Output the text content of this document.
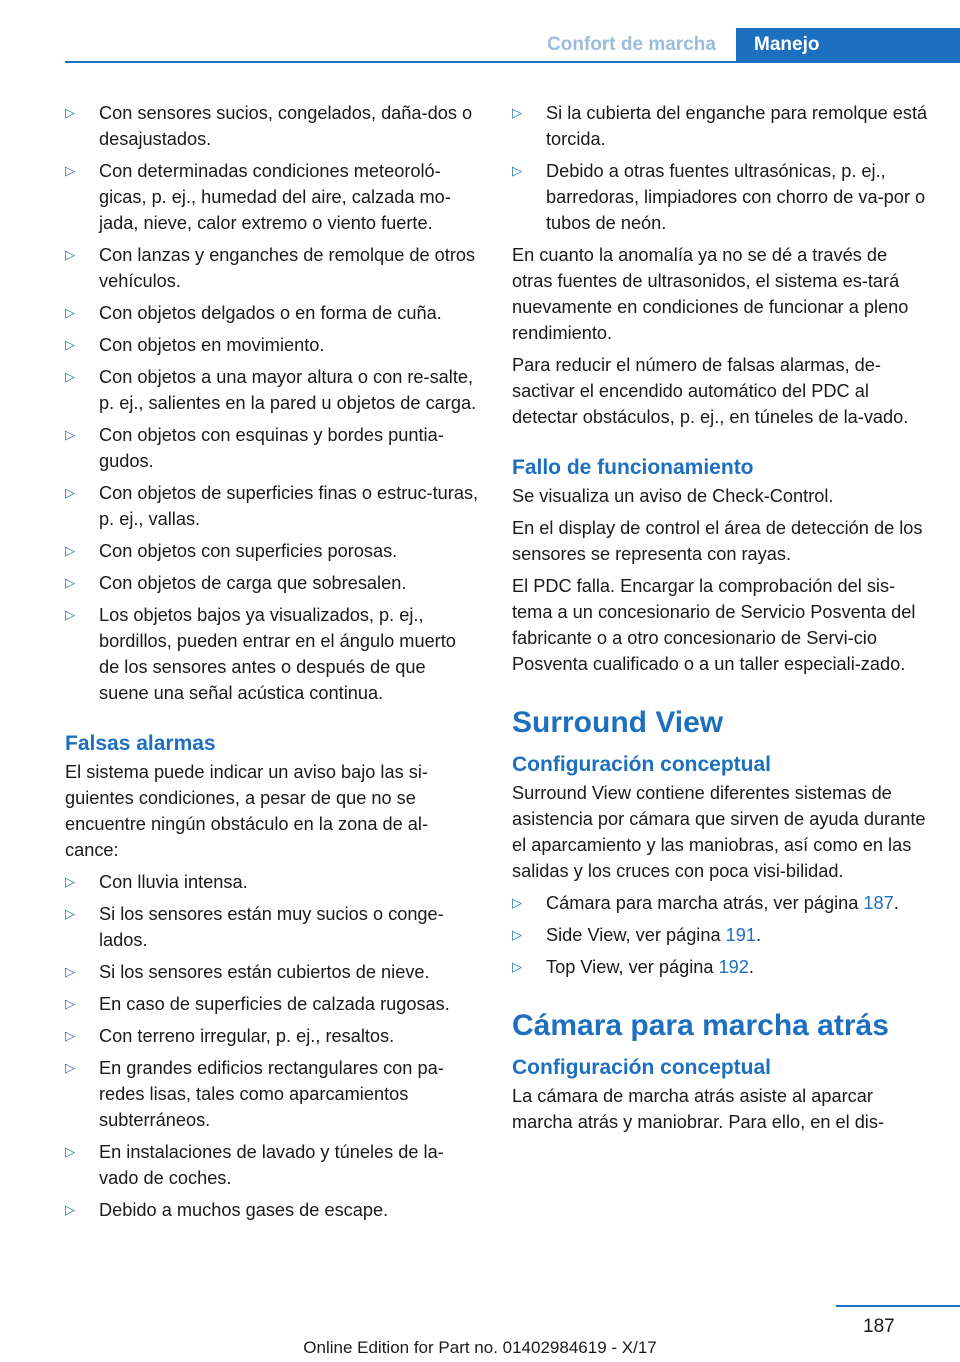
Confort de marcha	Manejo
▷	Con sensores sucios, congelados, daña-dos o desajustados.
▷	Con determinadas condiciones meteoroló-gicas, p. ej., humedad del aire, calzada mo-jada, nieve, calor extremo o viento fuerte.
▷	Con lanzas y enganches de remolque de otros vehículos.
▷	Con objetos delgados o en forma de cuña.
▷	Con objetos en movimiento.
▷	Con objetos a una mayor altura o con re-salte, p. ej., salientes en la pared u objetos de carga.
▷	Con objetos con esquinas y bordes puntia-gudos.
▷	Con objetos de superficies finas o estruc-turas, p. ej., vallas.
▷	Con objetos con superficies porosas.
▷	Con objetos de carga que sobresalen.
▷	Los objetos bajos ya visualizados, p. ej., bordillos, pueden entrar en el ángulo muerto de los sensores antes o después de que suene una señal acústica continua.
Falsas alarmas

El sistema puede indicar un aviso bajo las si-guientes condiciones, a pesar de que no se encuentre ningún obstáculo en la zona de al-cance:

▷	Con lluvia intensa.
▷	Si los sensores están muy sucios o conge-lados.
▷	Si los sensores están cubiertos de nieve.
▷	En caso de superficies de calzada rugosas.
▷	Con terreno irregular, p. ej., resaltos.
▷	En grandes edificios rectangulares con pa-redes lisas, tales como aparcamientos subterráneos.
▷	En instalaciones de lavado y túneles de la-vado de coches.
▷	Debido a muchos gases de escape.
▷	Si la cubierta del enganche para remolque está torcida.
▷	Debido a otras fuentes ultrasónicas, p. ej., barredoras, limpiadores con chorro de va-por o tubos de neón.

En cuanto la anomalía ya no se dé a través de otras fuentes de ultrasonidos, el sistema es-tará nuevamente en condiciones de funcionar a pleno rendimiento.

Para reducir el número de falsas alarmas, de-sactivar el encendido automático del PDC al detectar obstáculos, p. ej., en túneles de la-vado.

Fallo de funcionamiento

Se visualiza un aviso de Check-Control.

En el display de control el área de detección de los sensores se representa con rayas.

El PDC falla. Encargar la comprobación del sis-tema a un concesionario de Servicio Posventa del fabricante o a otro concesionario de Servi-cio Posventa cualificado o a un taller especiali-zado.

Surround View
Configuración conceptual

Surround View contiene diferentes sistemas de asistencia por cámara que sirven de ayuda durante el aparcamiento y las maniobras, así como en las salidas y los cruces con poca visi-bilidad.

▷	Cámara para marcha atrás, ver página 187.
▷	Side View, ver página 191.
▷	Top View, ver página 192.
Cámara para marcha atrás
Configuración conceptual

La cámara de marcha atrás asiste al aparcar marcha atrás y maniobrar. Para ello, en el dis-

187
Online Edition for Part no. 01402984619 - X/17
